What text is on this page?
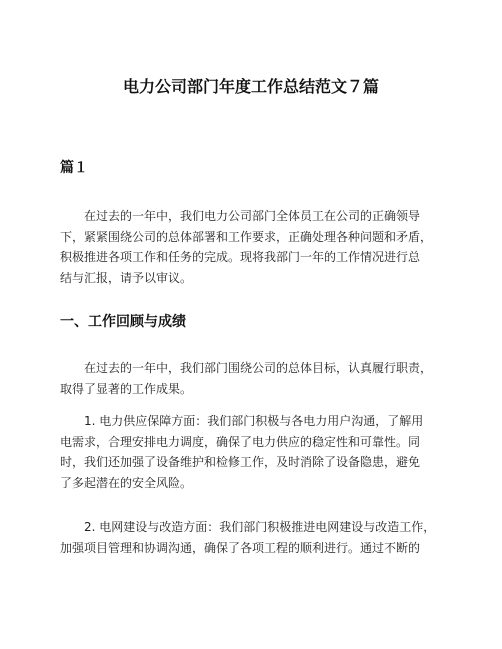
电力公司部门年度工作总结范文７篇
篇１
　　在过去的一年中，我们电力公司部门全体员工在公司的正确领导
下，紧紧围绕公司的总体部署和工作要求，正确处理各种问题和矛盾，
积极推进各项工作和任务的完成。现将我部门一年的工作情况进行总
结与汇报，请予以审议。
一、工作回顾与成绩
　　在过去的一年中，我们部门围绕公司的总体目标，认真履行职责，
取得了显著的工作成果。
　　1. 电力供应保障方面：我们部门积极与各电力用户沟通，了解用
电需求，合理安排电力调度，确保了电力供应的稳定性和可靠性。同
时，我们还加强了设备维护和检修工作，及时消除了设备隐患，避免
了多起潜在的安全风险。
　　2. 电网建设与改造方面：我们部门积极推进电网建设与改造工作，
加强项目管理和协调沟通，确保了各项工程的顺利进行。通过不断的
